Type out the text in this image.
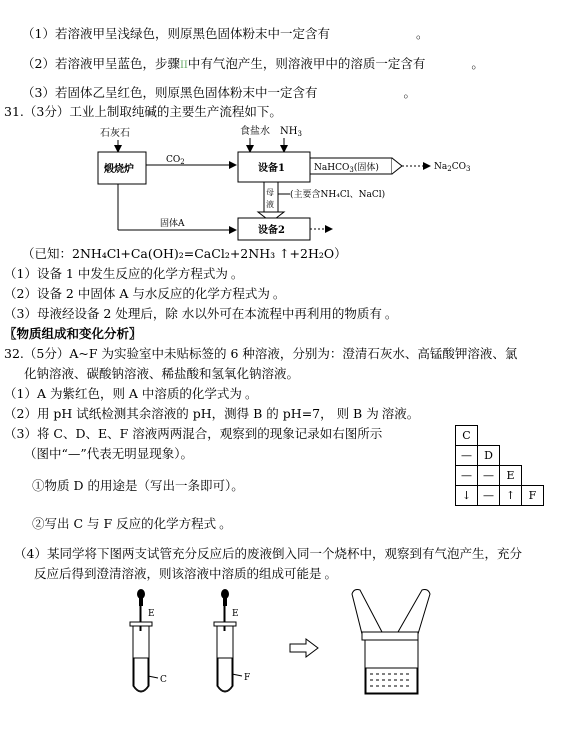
（1）若溶液甲呈浅绿色，则原黑色固体粉末中一定含有	。
（2）若溶液甲呈蓝色，步骤II中有气泡产生，则溶液甲中的溶质一定含有	。
（3）若固体乙呈红色，则原黑色固体粉末中一定含有	。
31.（3分）工业上制取纯碱的主要生产流程如下。
石灰石
煅烧炉
$CO_2$
食盐水 $NH_3$
设备1	NaHCO$_3$(固体)	$Na_2CO_3$
母
液
(主要含NH₄Cl、NaCl)
固体A
设备2
（已知：2NH₄Cl+Ca(OH)₂=CaCl₂+2NH₃ ↑+2H₂O）
（1）设备 1 中发生反应的化学方程式为 。
（2）设备 2 中固体 A 与水反应的化学方程式为 。
（3）母液经设备 2 处理后，除 水以外可在本流程中再利用的物质有 。
〖物质组成和变化分析〗
32.（5分）A~F 为实验室中未贴标签的 6 种溶液，分别为：澄清石灰水、高锰酸钾溶液、氯
化钠溶液、碳酸钠溶液、稀盐酸和氢氧化钠溶液。
（1）A 为紫红色，则 A 中溶质的化学式为 。
（2）用 pH 试纸检测其余溶液的 pH，测得 B 的 pH=7， 则 B 为 溶液。
（3）将 C、D、E、F 溶液两两混合，观察到的现象记录如右图所示
（图中“—”代表无明显现象）。
①物质 D 的用途是（写出一条即可）。
②写出 C 与 F 反应的化学方程式 。
（4）某同学将下图两支试管充分反应后的废液倒入同一个烧杯中，观察到有气泡产生，充分
反应后得到澄清溶液，则该溶液中溶质的组成可能是 。
C			
—	D		
—	—	E	
↓	—	↑	F
E
C
E
F
